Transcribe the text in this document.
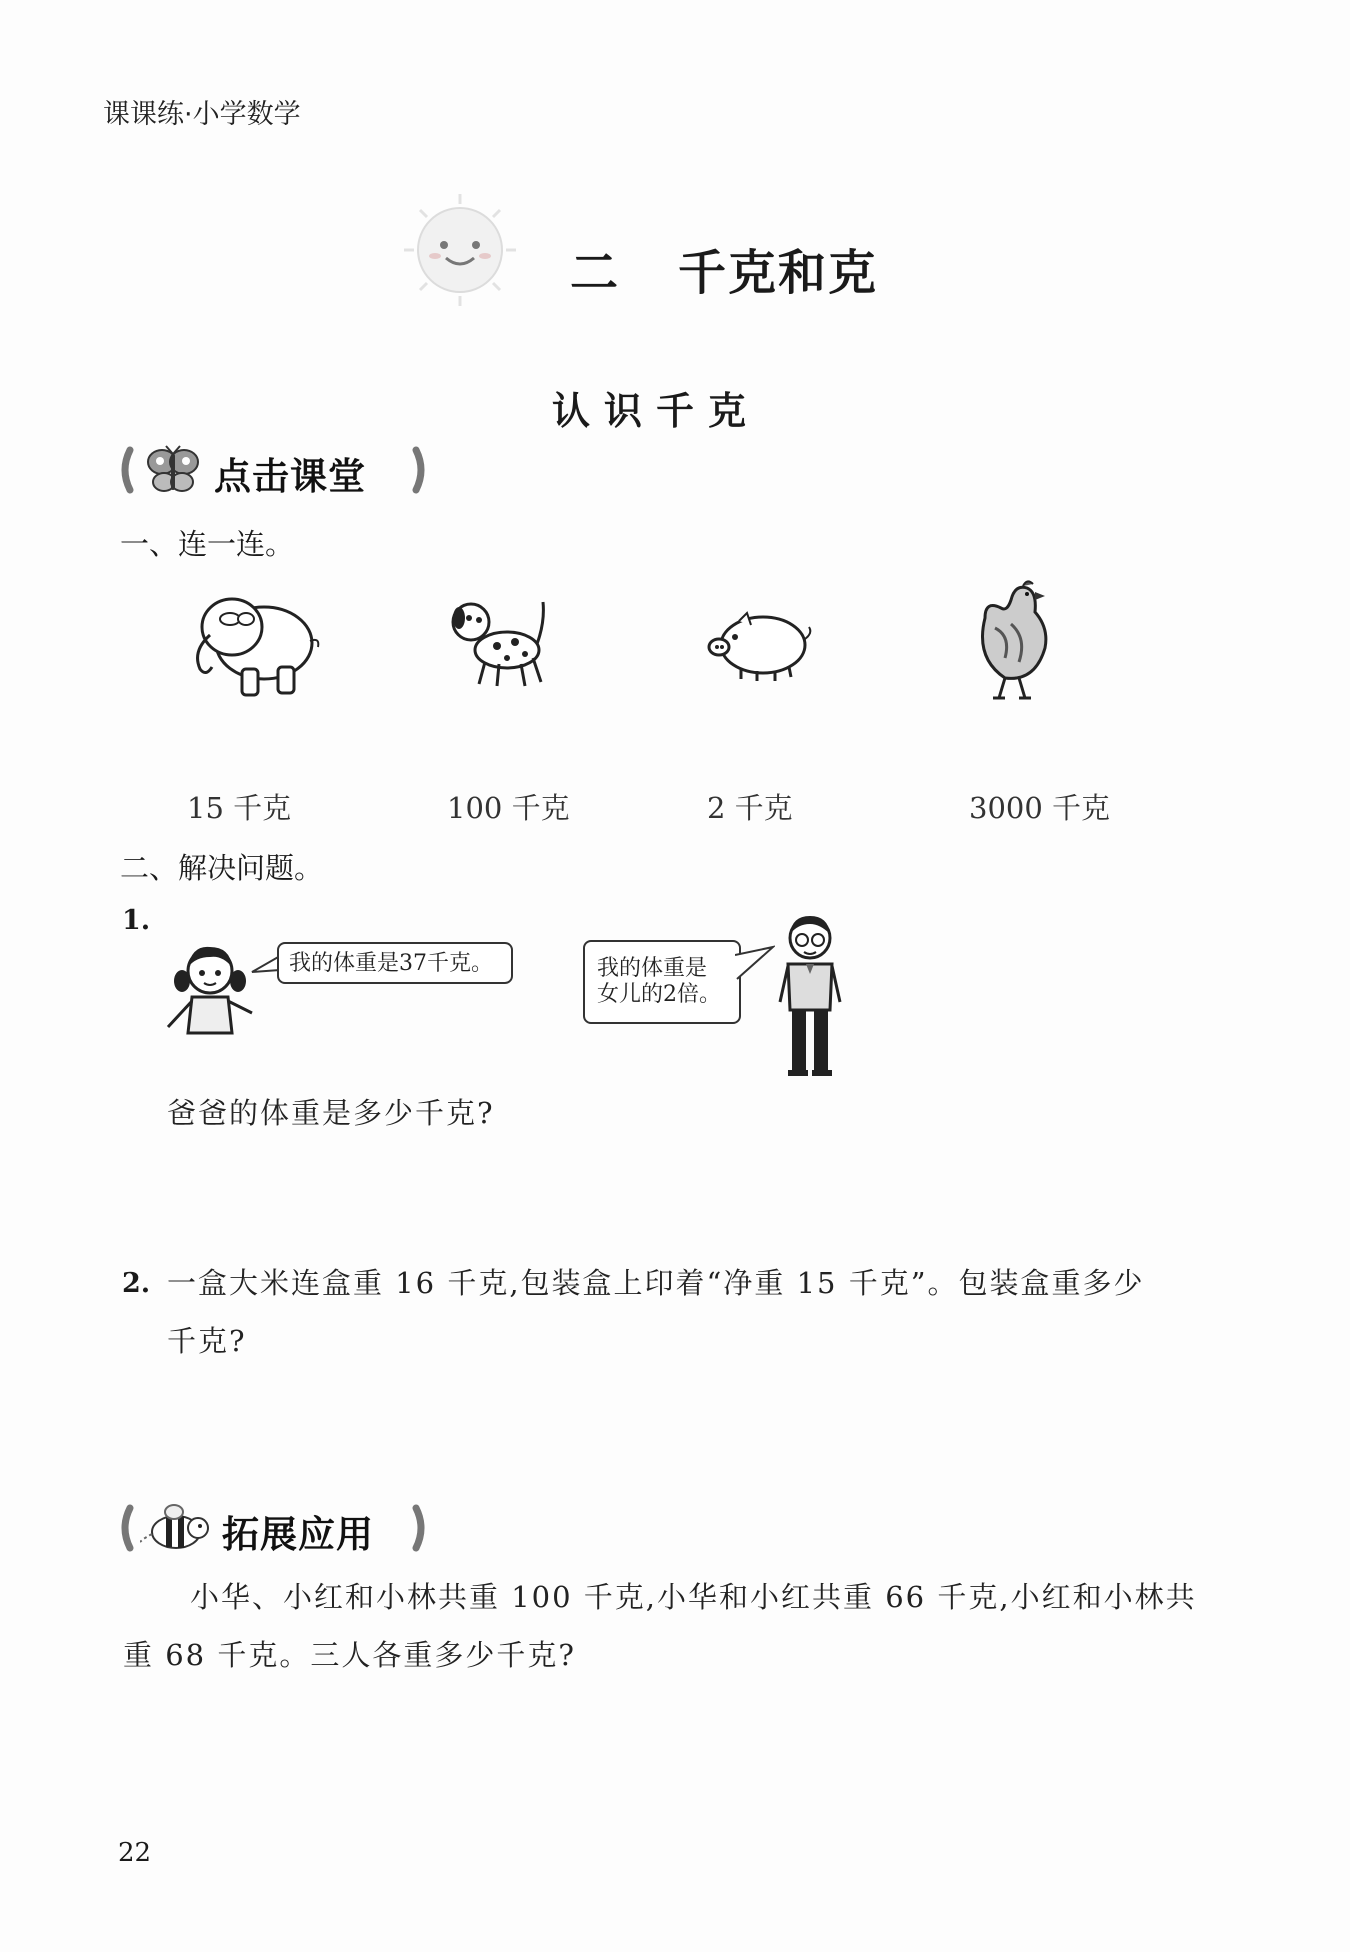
课课练·小学数学
二 千克和克
认识千克
点击课堂
一、连一连。
15 千克	100 千克	2 千克	3000 千克
二、解决问题。
1.
我的体重是37千克。	我的体重是
女儿的2倍。
爸爸的体重是多少千克?
2. 一盒大米连盒重 16 千克,包装盒上印着“净重 15 千克”。包装盒重多少
千克?
拓展应用
小华、小红和小林共重 100 千克,小华和小红共重 66 千克,小红和小林共
重 68 千克。三人各重多少千克?
22
